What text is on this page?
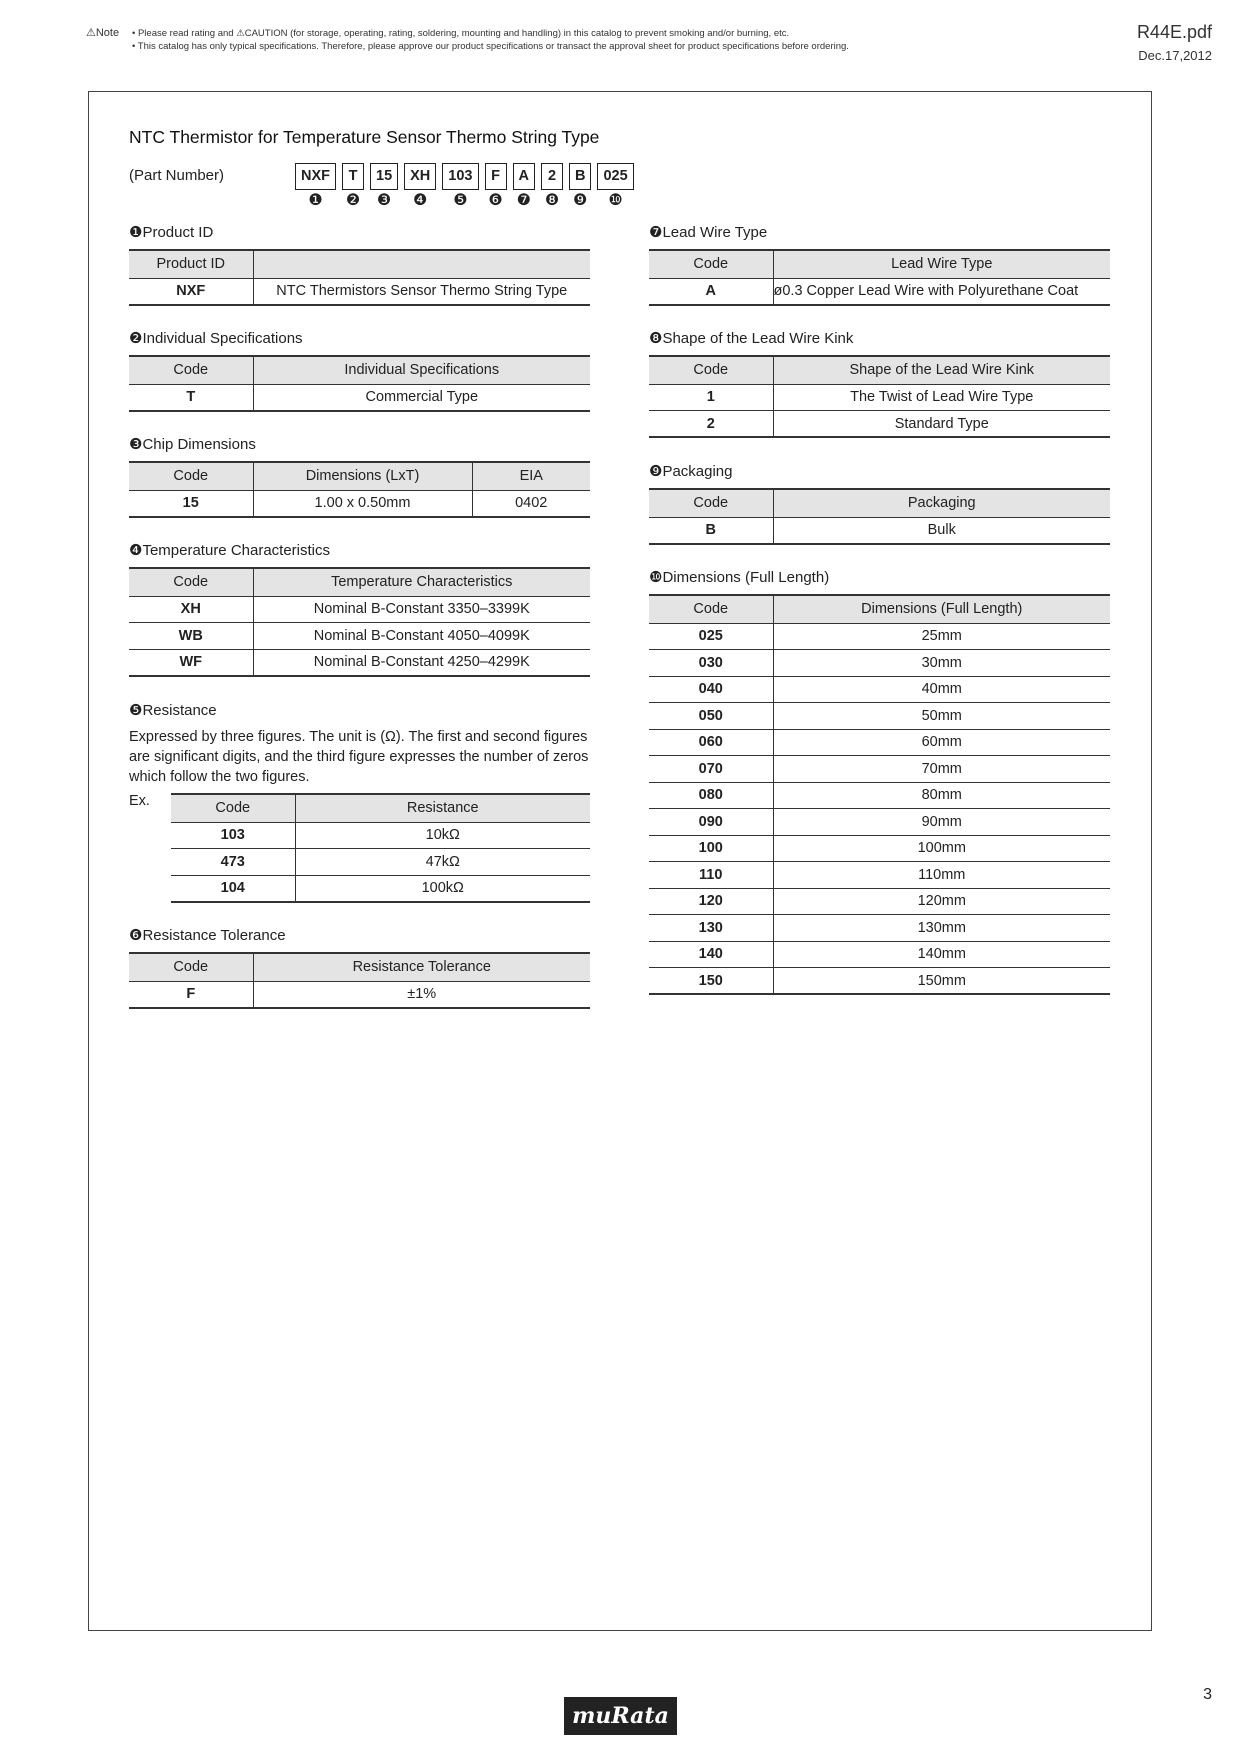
⚠Note • Please read rating and ⚠CAUTION (for storage, operating, rating, soldering, mounting and handling) in this catalog to prevent smoking and/or burning, etc.
• This catalog has only typical specifications. Therefore, please approve our product specifications or transact the approval sheet for product specifications before ordering.
R44E.pdf
Dec.17,2012
NTC Thermistor for Temperature Sensor Thermo String Type
(Part Number)	NXF	T	15	XH	103	F	A	2	B	025
❶ ❷ ❸ ❹ ❺ ❻ ❼ ❽ ❾ ❿
❶Product ID
Product ID	
NXF	NTC Thermistors Sensor Thermo String Type
❷Individual Specifications
Code	Individual Specifications
T	Commercial Type
❸Chip Dimensions
Code	Dimensions (LxT)	EIA
15	1.00 x 0.50mm	0402
❹Temperature Characteristics
Code	Temperature Characteristics
XH	Nominal B-Constant 3350–3399K
WB	Nominal B-Constant 4050–4099K
WF	Nominal B-Constant 4250–4299K
❺Resistance
Expressed by three figures. The unit is (Ω). The first and second figures are significant digits, and the third figure expresses the number of zeros which follow the two figures.
Ex.	Code	Resistance
103	10kΩ
473	47kΩ
104	100kΩ
❻Resistance Tolerance
Code	Resistance Tolerance
F	±1%
❼Lead Wire Type
Code	Lead Wire Type
A	ø0.3 Copper Lead Wire with Polyurethane Coat
❽Shape of the Lead Wire Kink
Code	Shape of the Lead Wire Kink
1	The Twist of Lead Wire Type
2	Standard Type
❾Packaging
Code	Packaging
B	Bulk
❿Dimensions (Full Length)
Code	Dimensions (Full Length)
025	25mm
030	30mm
040	40mm
050	50mm
060	60mm
070	70mm
080	80mm
090	90mm
100	100mm
110	110mm
120	120mm
130	130mm
140	140mm
150	150mm
3
muRata
